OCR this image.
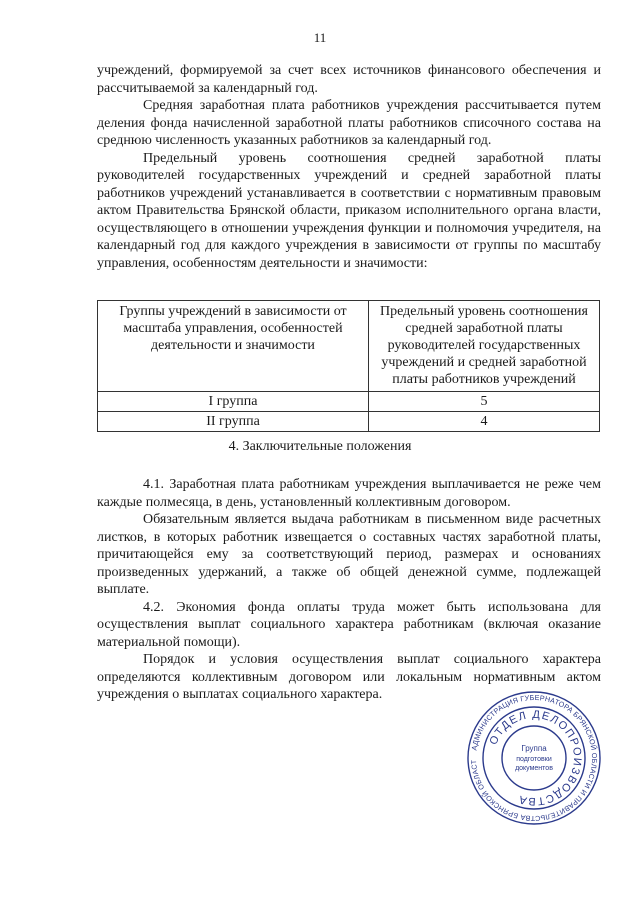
11

учреждений, формируемой за счет всех источников финансового обеспечения и рассчитываемой за календарный год.

Средняя заработная плата работников учреждения рассчитывается путем деления фонда начисленной заработной платы работников списочного состава на среднюю численность указанных работников за календарный год.

Предельный уровень соотношения средней заработной платы руководителей государственных учреждений и средней заработной платы работников учреждений устанавливается в соответствии с нормативным правовым актом Правительства Брянской области, приказом исполнительного органа власти, осуществляющего в отношении учреждения функции и полномочия учредителя, на календарный год для каждого учреждения в зависимости от группы по масштабу управления, особенностям деятельности и значимости:

Группы учреждений в зависимости от масштаба управления, особенностей деятельности и значимости	Предельный уровень соотношения средней заработной платы руководителей государственных учреждений и средней заработной платы работников учреждений
I группа	5
II группа	4
4. Заключительные положения

4.1. Заработная плата работникам учреждения выплачивается не реже чем каждые полмесяца, в день, установленный коллективным договором.

Обязательным является выдача работникам в письменном виде расчетных листков, в которых работник извещается о составных частях заработной платы, причитающейся ему за соответствующий период, размерах и основаниях произведенных удержаний, а также об общей денежной сумме, подлежащей выплате.

4.2. Экономия фонда оплаты труда может быть использована для осуществления выплат социального характера работникам (включая оказание материальной помощи).

Порядок и условия осуществления выплат социального характера определяются коллективным договором или локальным нормативным актом учреждения о выплатах социального характера.

АДМИНИСТРАЦИЯ ГУБЕРНАТОРА БРЯНСКОЙ ОБЛАСТИ И ПРАВИТЕЛЬСТВА БРЯНСКОЙ ОБЛАСТ
ОТДЕЛ ДЕЛОПРОИЗВОДСТВА
Группа
подготовки
документов
